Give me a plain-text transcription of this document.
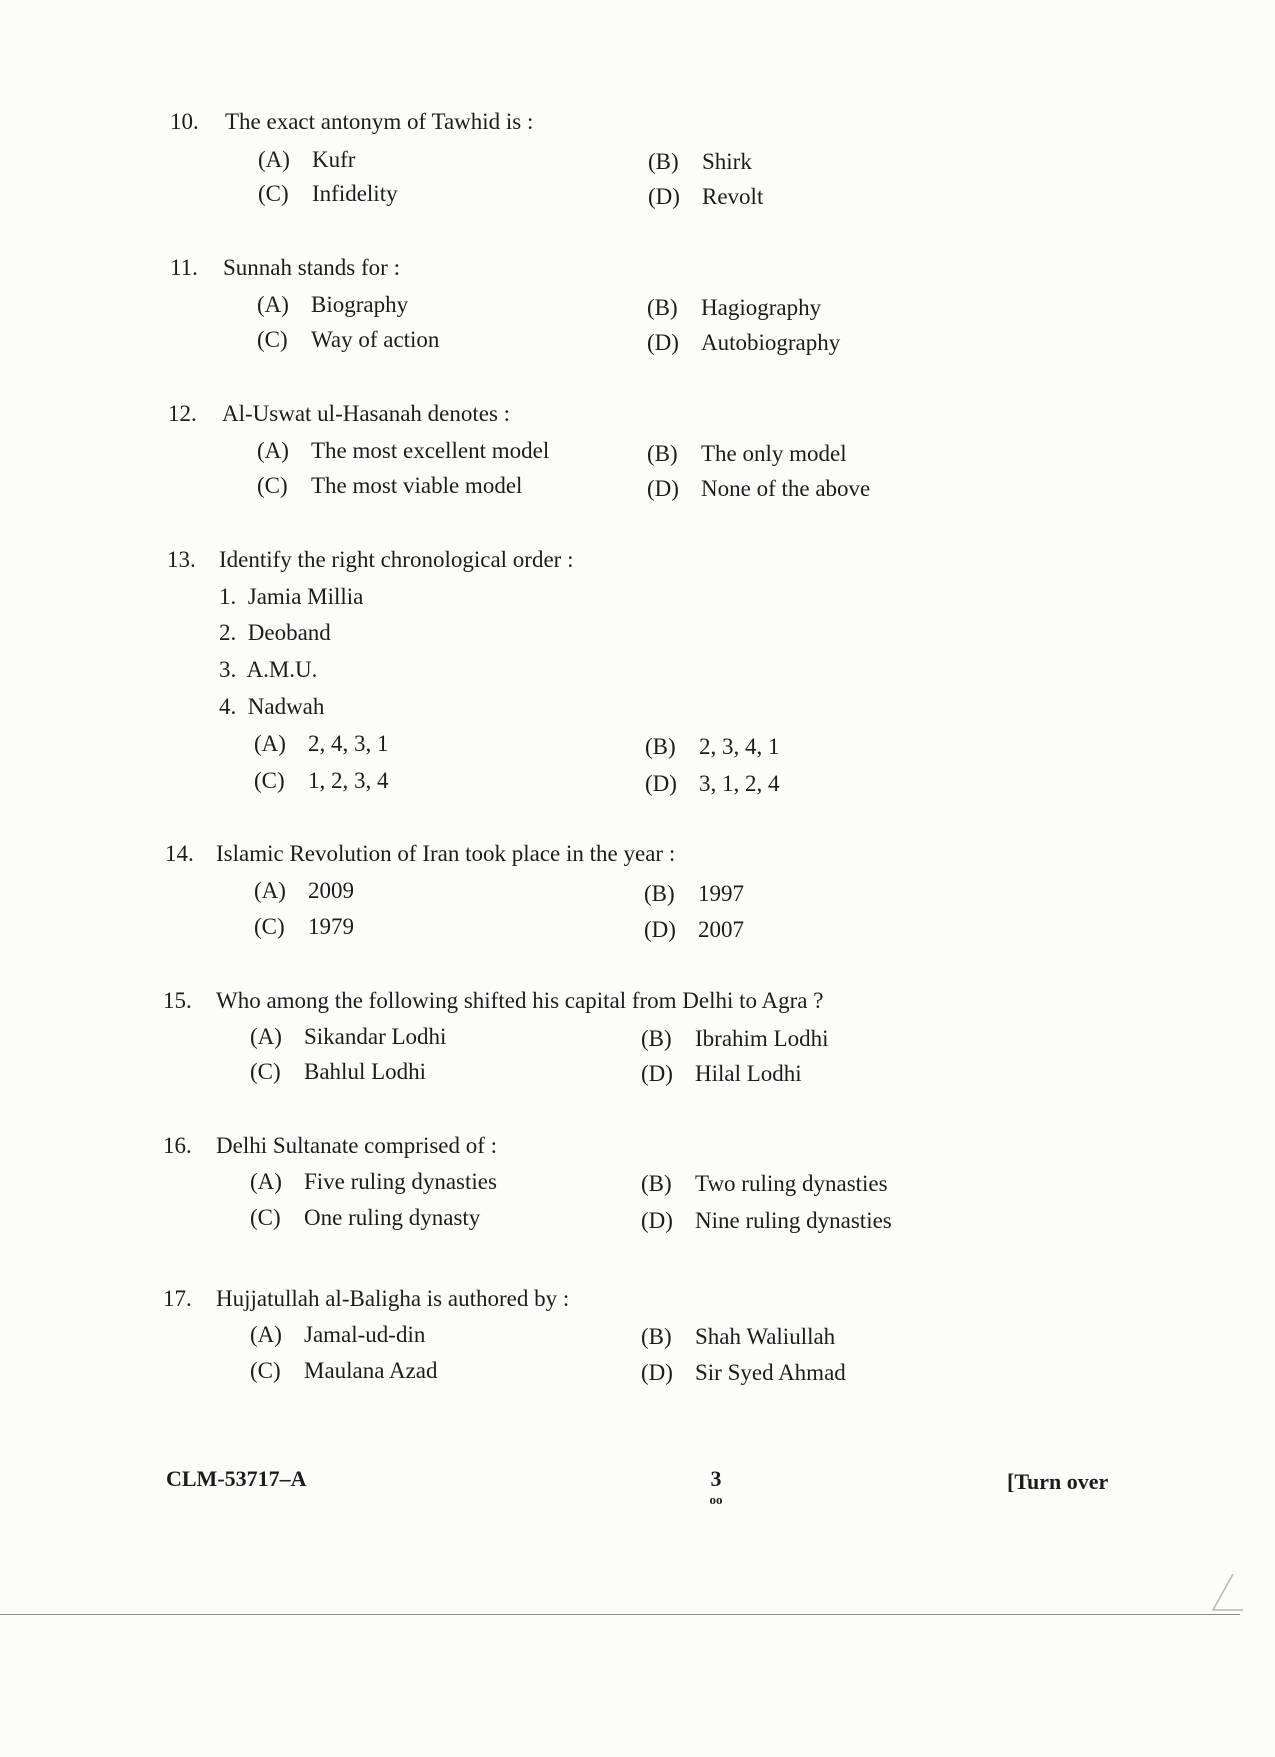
10. The exact antonym of Tawhid is :
(A) Kufr	(B) Shirk
(C) Infidelity	(D) Revolt
11. Sunnah stands for :
(A) Biography	(B) Hagiography
(C) Way of action	(D) Autobiography
12. Al-Uswat ul-Hasanah denotes :
(A) The most excellent model	(B) The only model
(C) The most viable model	(D) None of the above
13. Identify the right chronological order :
1. Jamia Millia
2. Deoband
3. A.M.U.
4. Nadwah
(A) 2, 4, 3, 1	(B) 2, 3, 4, 1
(C) 1, 2, 3, 4	(D) 3, 1, 2, 4
14. Islamic Revolution of Iran took place in the year :
(A) 2009	(B) 1997
(C) 1979	(D) 2007
15. Who among the following shifted his capital from Delhi to Agra ?
(A) Sikandar Lodhi	(B) Ibrahim Lodhi
(C) Bahlul Lodhi	(D) Hilal Lodhi
16. Delhi Sultanate comprised of :
(A) Five ruling dynasties	(B) Two ruling dynasties
(C) One ruling dynasty	(D) Nine ruling dynasties
17. Hujjatullah al-Baligha is authored by :
(A) Jamal-ud-din	(B) Shah Waliullah
(C) Maulana Azad	(D) Sir Syed Ahmad
CLM-53717–A	3
oo
[Turn over
